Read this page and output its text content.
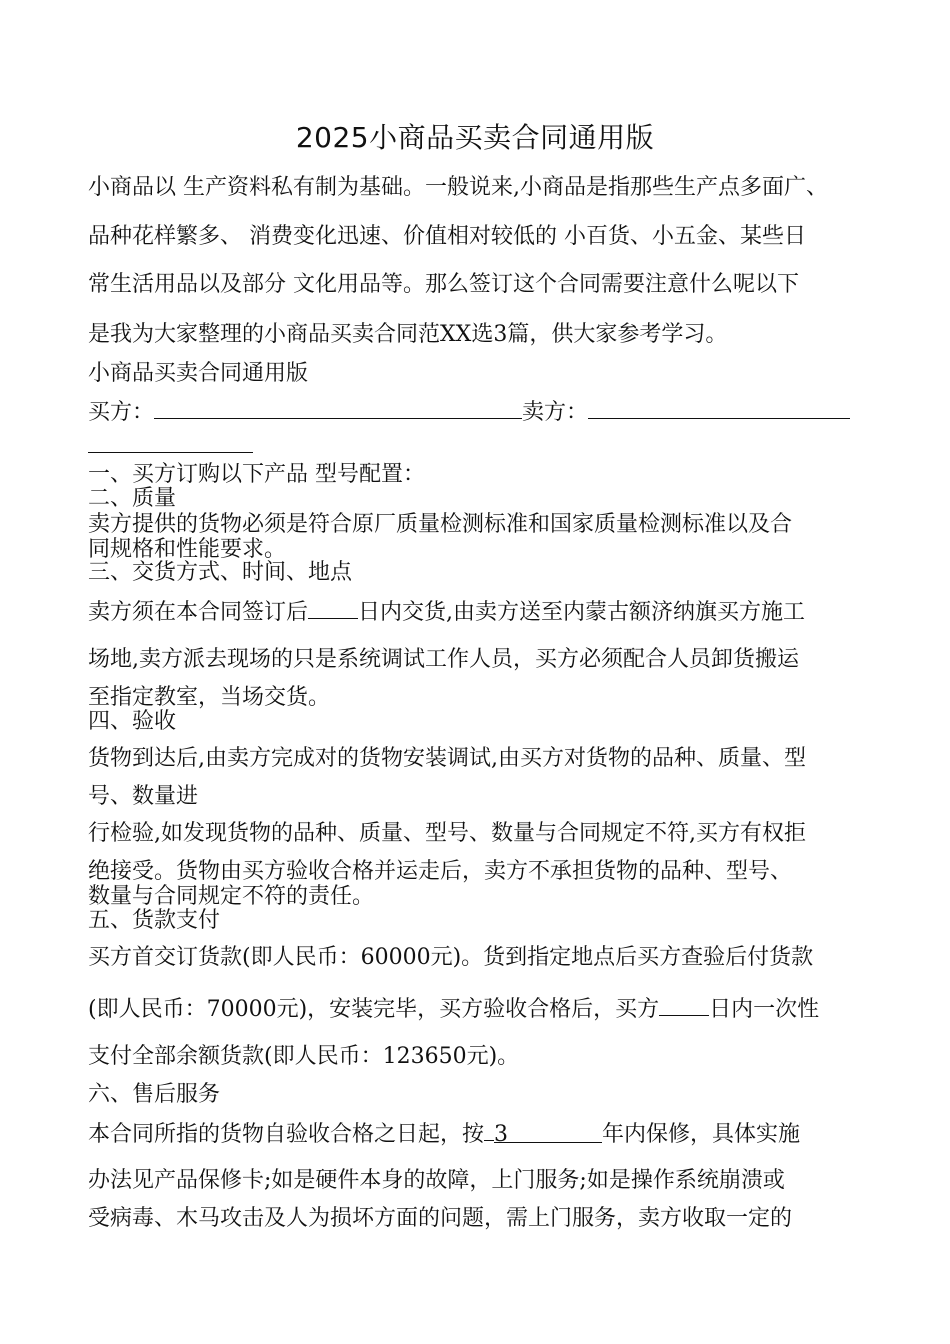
2025小商品买卖合同通用版
小商品以 生产资料私有制为基础。一般说来,小商品是指那些生产点多面广、
品种花样繁多、 消费变化迅速、价值相对较低的 小百货、小五金、某些日
常生活用品以及部分 文化用品等。那么签订这个合同需要注意什么呢以下
是我为大家整理的小商品买卖合同范XX选3篇，供大家参考学习。
小商品买卖合同通用版
买方：	卖方：
一、买方订购以下产品 型号配置：
二、质量
卖方提供的货物必须是符合原厂质量检测标准和国家质量检测标准以及合
同规格和性能要求。
三、交货方式、时间、地点
卖方须在本合同签订后 日内交货,由卖方送至内蒙古额济纳旗买方施工
场地,卖方派去现场的只是系统调试工作人员，买方必须配合人员卸货搬运
至指定教室，当场交货。
四、验收
货物到达后,由卖方完成对的货物安装调试,由买方对货物的品种、质量、型
号、数量进
行检验,如发现货物的品种、质量、型号、数量与合同规定不符,买方有权拒
绝接受。货物由买方验收合格并运走后，卖方不承担货物的品种、型号、
数量与合同规定不符的责任。
五、货款支付
买方首交订货款(即人民币：60000元)。货到指定地点后买方查验后付货款
(即人民币：70000元)，安装完毕，买方验收合格后，买方 日内一次性
支付全部余额货款(即人民币：123650元)。
六、售后服务
本合同所指的货物自验收合格之日起，按 3	年内保修，具体实施
办法见产品保修卡;如是硬件本身的故障，上门服务;如是操作系统崩溃或
受病毒、木马攻击及人为损坏方面的问题，需上门服务，卖方收取一定的
